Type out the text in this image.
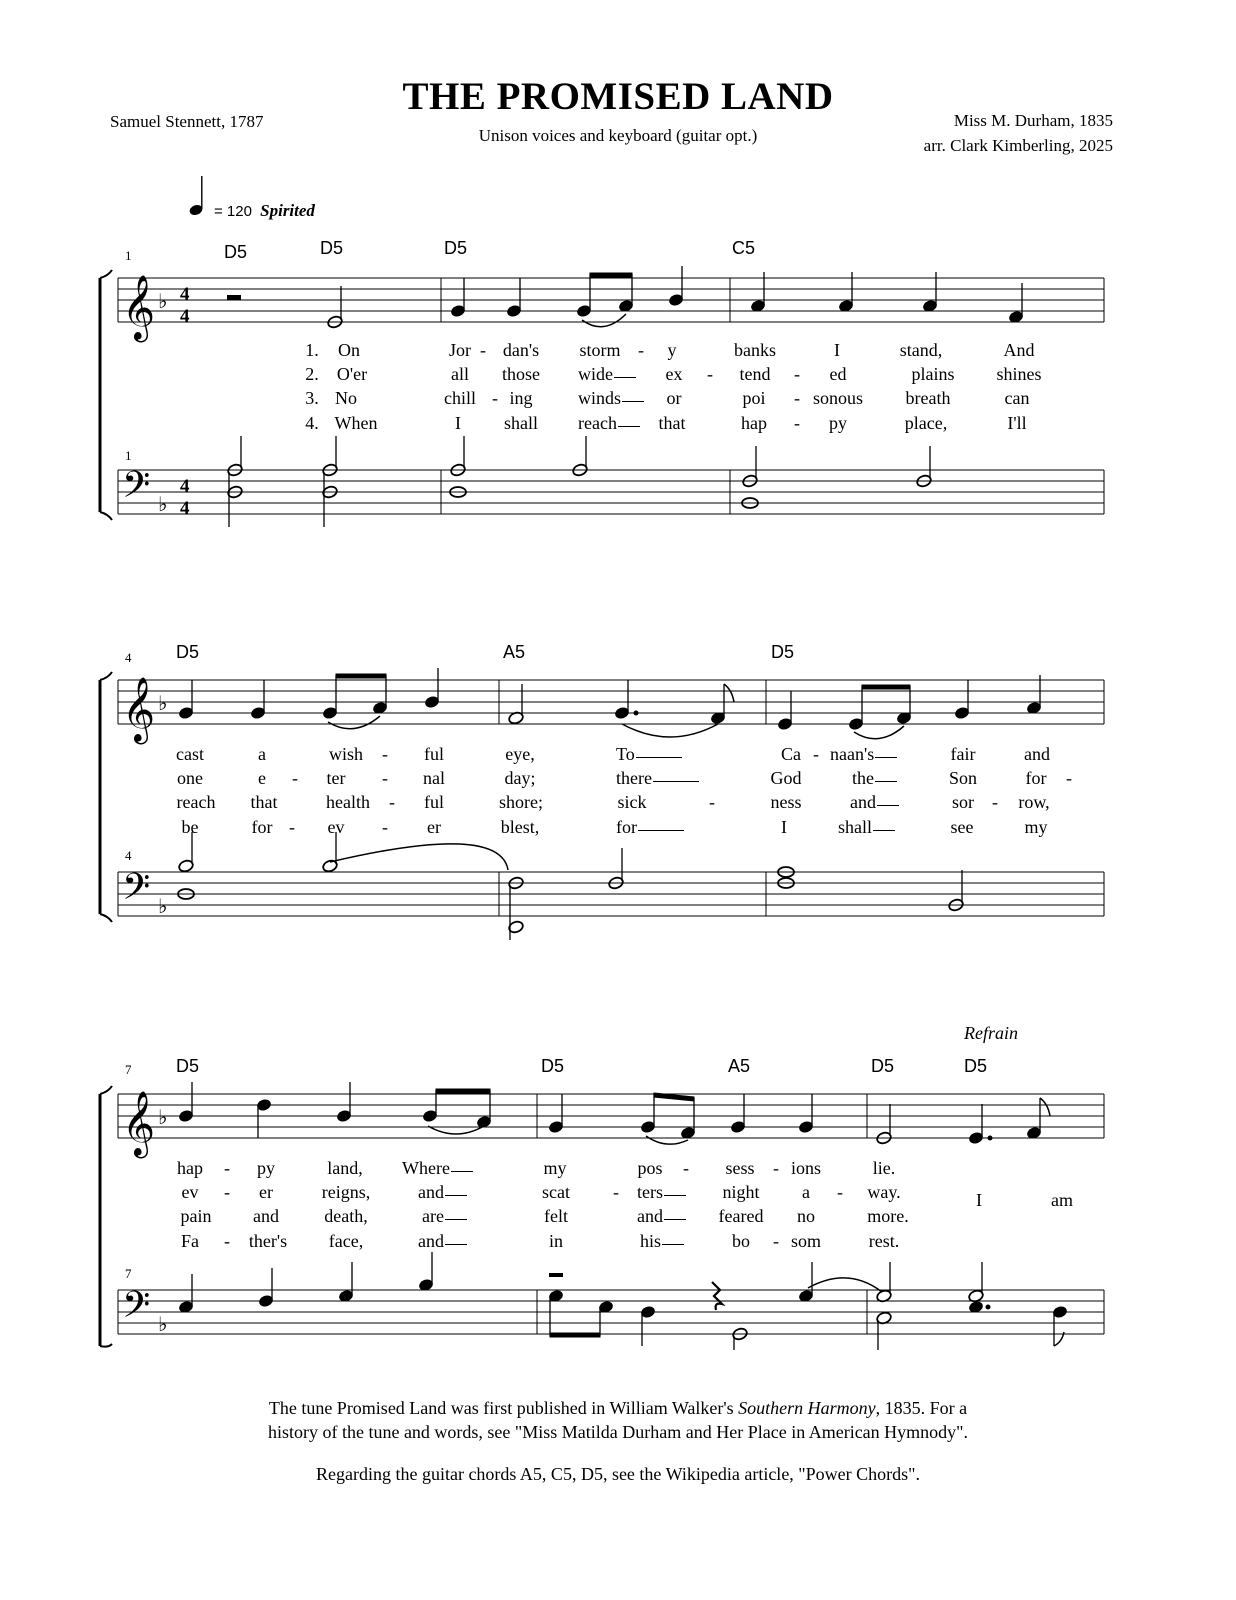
THE PROMISED LAND
Unison voices and keyboard (guitar opt.)
Samuel Stennett, 1787	Miss M. Durham, 1835
arr. Clark Kimberling, 2025
= 120 Spirited
𝄞
𝄢
♭
♭
4
4
4
4
1
1
D5	D5	D5	C5
1. On	Jor - dan's storm - y	banks	I	stand,	And
2. O'er	all those wide	ex - tend - ed	plains shines
3. No	chill - ing	winds	or	poi - sonous breath	can
4. When	I shall reach	that	hap - py	place,	I'll
𝄞
𝄢
♭
♭
4
4
D5	A5	D5
cast	a	wish - ful	eye,	To	Ca - naan's	fair	and
one	e - ter - nal	day;	there	God	the	Son	for -
reach that	health - ful	shore;	sick	-	ness	and	sor - row,
be	for - ev - er	blest,	for	I	shall	see	my
𝄞
𝄢
♭
♭
Refrain
7
7
D5	D5	A5	D5	D5
hap - py	land, Where	my	pos - sess - ions	lie.
ev - er	reigns,	and	scat - ters	night a - way.
pain and	death,	are	felt	and	feared no	more.
Fa - ther's face,	and	in	his	bo - som	rest.
I	am
The tune Promised Land was first published in William Walker's Southern Harmony, 1835. For a
history of the tune and words, see "Miss Matilda Durham and Her Place in American Hymnody".
Regarding the guitar chords A5, C5, D5, see the Wikipedia article, "Power Chords".
